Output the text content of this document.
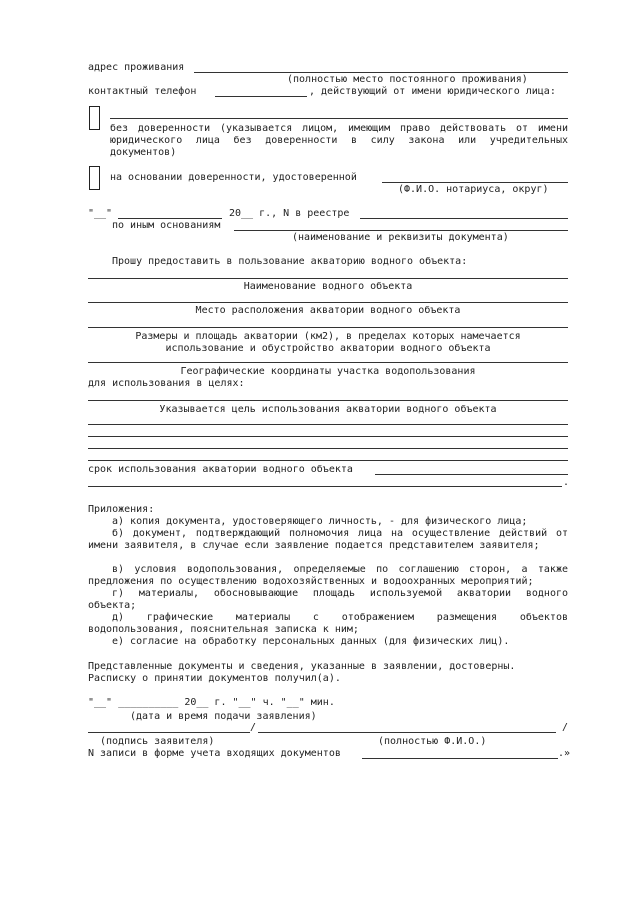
адрес проживания
(полностью место постоянного проживания)
контактный телефон	, действующий от имени юридического лица:
без доверенности (указывается лицом, имеющим право действовать от имени юридического лица без доверенности в силу закона или учредительных документов)
на основании доверенности, удостоверенной
(Ф.И.О. нотариуса, округ)
"__"	20__ г., N в реестре
по иным основаниям
(наименование и реквизиты документа)
Прошу предоставить в пользование акваторию водного объекта:
Наименование водного объекта
Место расположения акватории водного объекта
Размеры и площадь акватории (км2), в пределах которых намечается
использование и обустройство акватории водного объекта
Географические координаты участка водопользования
для использования в целях:
Указывается цель использования акватории водного объекта
срок использования акватории водного объекта
.
Приложения:
а) копия документа, удостоверяющего личность, - для физического лица;
б) документ, подтверждающий полномочия лица на осуществление действий от имени заявителя, в случае если заявление подается представителем заявителя;
в) условия водопользования, определяемые по соглашению сторон, а также предложения по осуществлению водохозяйственных и водоохранных мероприятий;
г) материалы, обосновывающие площадь используемой акватории водного объекта;
д) графические материалы с отображением размещения объектов водопользования, пояснительная записка к ним;
е) согласие на обработку персональных данных (для физических лиц).
Представленные документы и сведения, указанные в заявлении, достоверны.
Расписку о принятии документов получил(а).
"__" __________ 20__ г. "__" ч. "__" мин.
(дата и время подачи заявления)
/	/
(подпись заявителя)	(полностью Ф.И.О.)
N записи в форме учета входящих документов	.»
